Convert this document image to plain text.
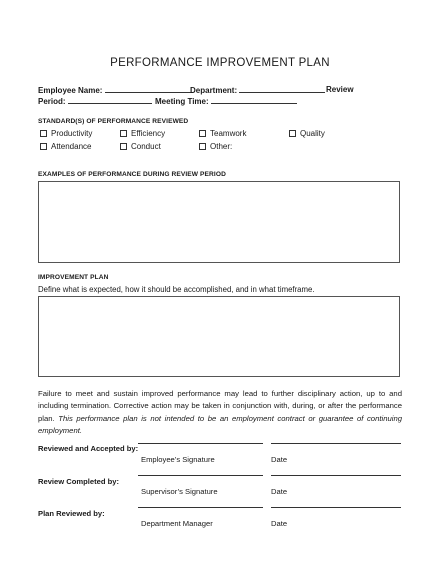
PERFORMANCE IMPROVEMENT PLAN
Employee Name:	Department:	Review
Period:	Meeting Time:
STANDARD(S) OF PERFORMANCE REVIEWED
Productivity	Efficiency	Teamwork	Quality
Attendance	Conduct	Other:
EXAMPLES OF PERFORMANCE DURING REVIEW PERIOD
IMPROVEMENT PLAN
Define what is expected, how it should be accomplished, and in what timeframe.
Failure to meet and sustain improved performance may lead to further disciplinary action, up to and including termination. Corrective action may be taken in conjunction with, during, or after the performance plan. This performance plan is not intended to be an employment contract or guarantee of continuing employment.
Reviewed and Accepted by:
Employee’s Signature	Date
Review Completed by:
Supervisor’s Signature	Date
Plan Reviewed by:
Department Manager	Date
